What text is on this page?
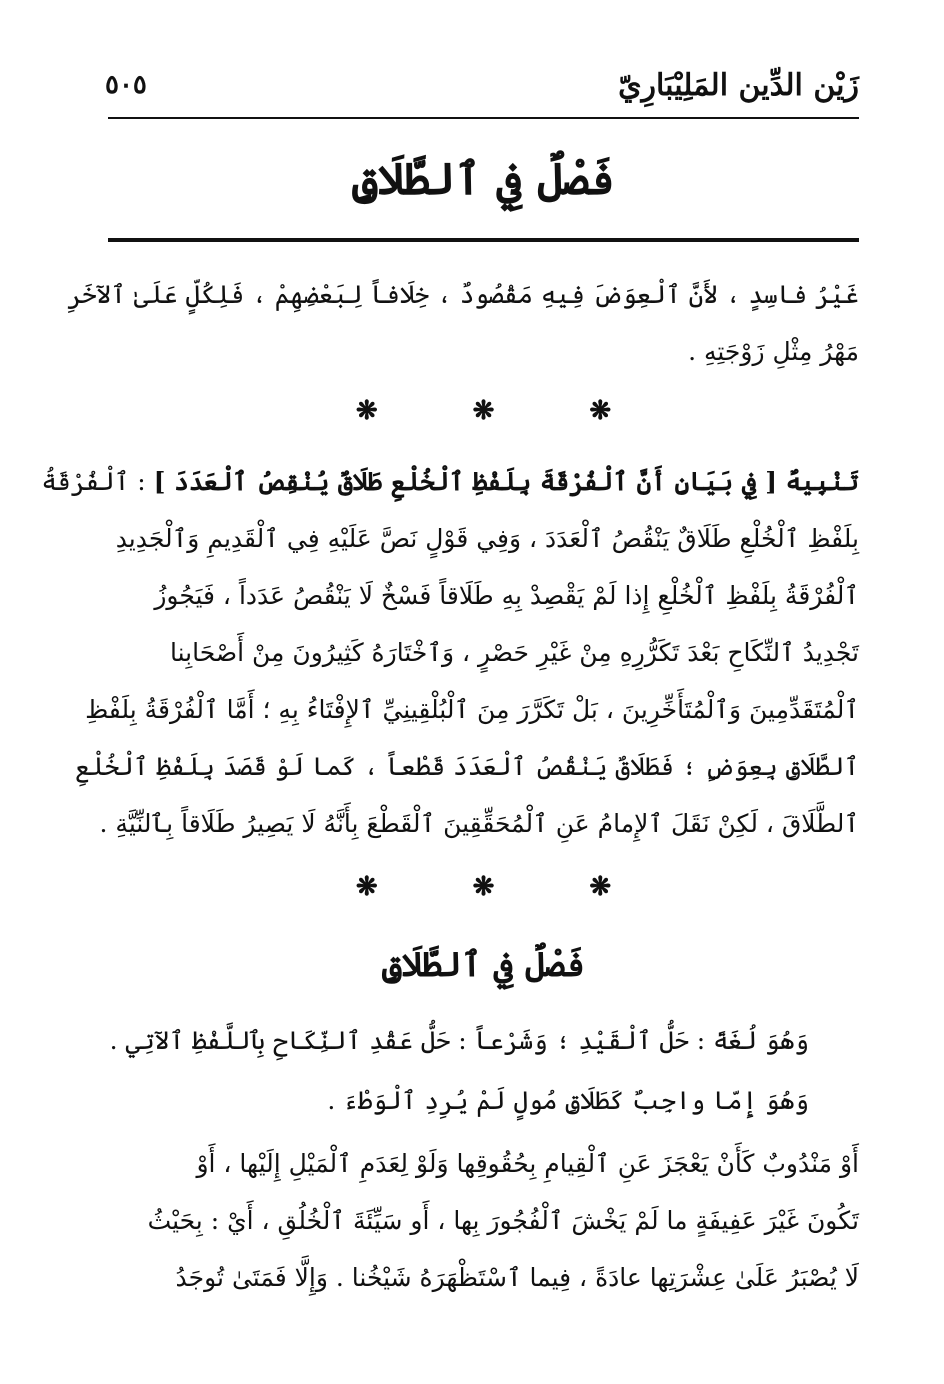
زَيْن الدِّين المَلِيْبَارِيّ
٥٠٥
فَصْلٌ فِي ٱلطَّلَاقِ
غَيْرُ فاسِدٍ ، لأَنَّ ٱلْعِوَضَ فِيهِ مَقْصُودٌ ، خِلَافاً لِبَعْضِهِمْ ، فَلِكُلٍّ عَلَىٰ ٱلآخَرِ
مَهْرُ مِثْلِ زَوْجَتِهِ .
❋
❋
❋
تَنْبِيهٌ [ فِي بَيَانِ أَنَّ ٱلْفُرْقَةَ بِلَفْظِ ٱلْخُلْعِ طَلَاقٌ يُنْقِصُ ٱلْعَدَدَ ] : ٱلْفُرْقَةُ
بِلَفْظِ ٱلْخُلْعِ طَلَاقٌ يَنْقُصُ ٱلْعَدَدَ ، وَفِي قَوْلٍ نَصَّ عَلَيْهِ فِي ٱلْقَدِيمِ وَٱلْجَدِيدِ
ٱلْفُرْقَةُ بِلَفْظِ ٱلْخُلْعِ إِذا لَمْ يَقْصِدْ بِهِ طَلَاقاً فَسْخٌ لَا يَنْقُصُ عَدَداً ، فَيَجُوزُ
تَجْدِيدُ ٱلنِّكَاحِ بَعْدَ تَكَرُّرِهِ مِنْ غَيْرِ حَصْرٍ ، وَٱخْتَارَهُ كَثِيرُونَ مِنْ أَصْحَابِنا
ٱلْمُتَقَدِّمِينَ وَٱلْمُتَأَخِّرِينَ ، بَلْ تَكَرَّرَ مِنَ ٱلْبُلْقِينِيِّ ٱلإِفْتَاءُ بِهِ ؛ أَمَّا ٱلْفُرْقَةُ بِلَفْظِ
ٱلطَّلَاقِ بِعِوَضٍ ؛ فَطَلَاقٌ يَنْقُصُ ٱلْعَدَدَ قَطْعاً ، كَما لَوْ قَصَدَ بِلَفْظِ ٱلْخُلْعِ
ٱلطَّلَاقَ ، لَكِنْ نَقَلَ ٱلإِمامُ عَنِ ٱلْمُحَقِّقِينَ ٱلْقَطْعَ بِأَنَّهُ لَا يَصِيرُ طَلَاقاً بِٱلنِّيَّةِ .
❋
❋
❋
فَصْلٌ فِي ٱلطَّلَاقِ
وَهُوَ لُغَةً : حَلُّ ٱلْقَيْدِ ؛ وَشَرْعاً : حَلُّ عَقْدِ ٱلنِّكَاحِ بِٱللَّفْظِ ٱلآتِي .
وَهُوَ إِمّا واجِبٌ كَطَلَاقِ مُولٍ لَمْ يُرِدِ ٱلْوَطْءَ .
أَوْ مَنْدُوبٌ كَأَنْ يَعْجَزَ عَنِ ٱلْقِيامِ بِحُقُوقِها وَلَوْ لِعَدَمِ ٱلْمَيْلِ إِلَيْها ، أَوْ
تَكُونَ غَيْرَ عَفِيفَةٍ ما لَمْ يَخْشَ ٱلْفُجُورَ بِها ، أَو سَيِّئَةَ ٱلْخُلُقِ ، أَيْ : بِحَيْثُ
لَا يُصْبَرُ عَلَىٰ عِشْرَتِها عادَةً ، فِيما ٱسْتَظْهَرَهُ شَيْخُنا . وَإِلَّا فَمَتَىٰ تُوجَدُ
